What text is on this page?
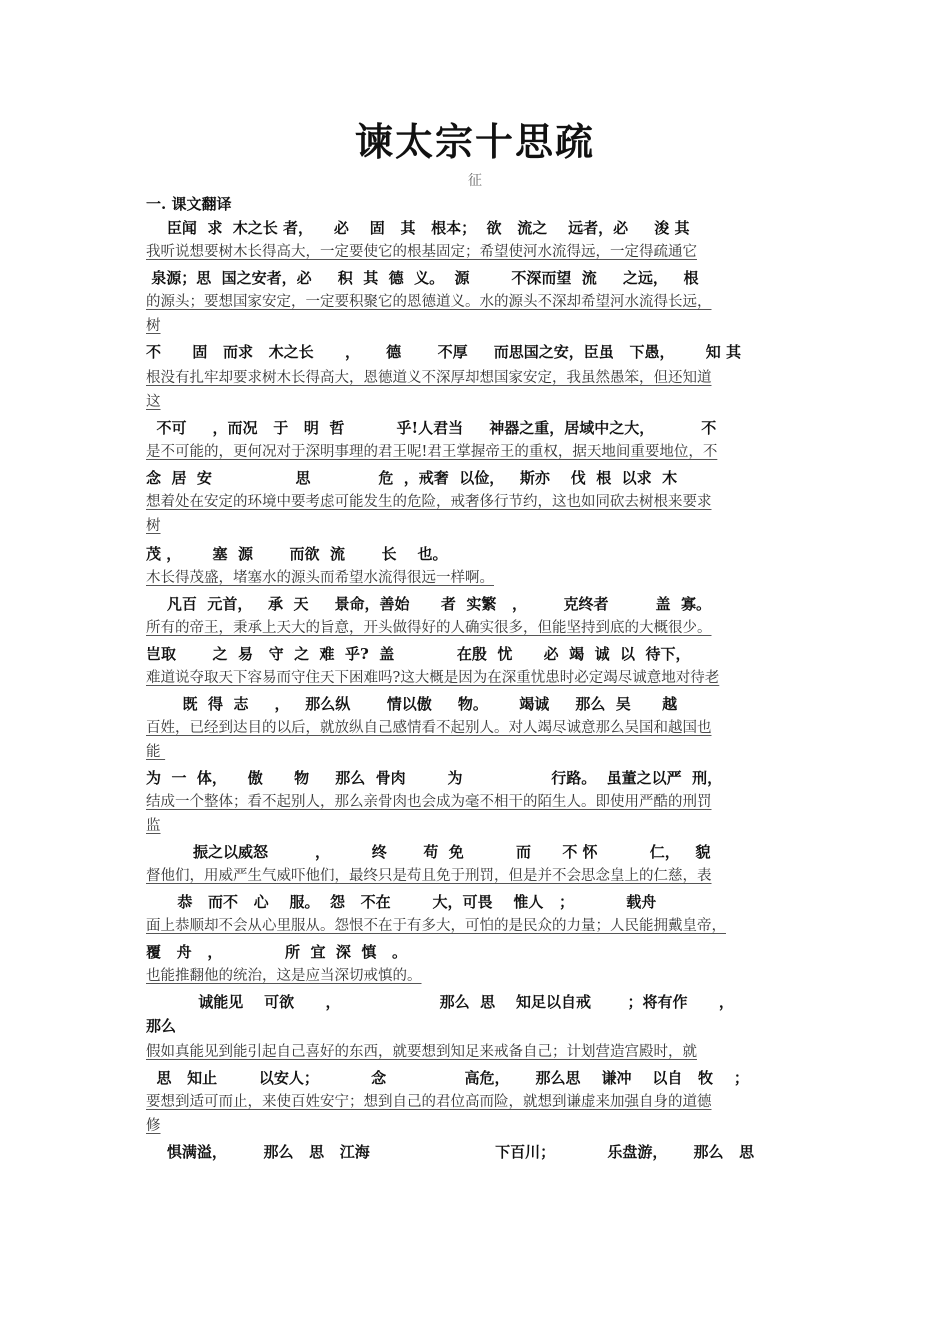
谏太宗十思疏
征
一. 课文翻译
臣闻  求  木之长 者，    必    固   其   根本；  欲   流之    远者，必     浚 其
我听说想要树木长得高大，一定要使它的根基固定；希望使河水流得远，一定得疏通它
泉源；思  国之安者，必     积  其  德  义。  源        不深而望  流     之远，   根
的源头；要想国家安定，一定要积聚它的恩德道义。水的源头不深却希望河水流得长远，
树
不      固   而求   木之长      ，     德       不厚     而思国之安，臣虽   下愚，      知 其
根没有扎牢却要求树木长得高大，恩德道义不深厚却想国家安定，我虽然愚笨，但还知道
这
不可     ，而况   于   明  哲          乎!人君当     神器之重，居域中之大，         不
是不可能的，更何况对于深明事理的君王呢!君王掌握帝王的重权，据天地间重要地位，不
念  居  安                思             危  ，戒奢  以俭，   斯亦    伐  根  以求  木
想着处在安定的环境中要考虑可能发生的危险，戒奢侈行节约，这也如同砍去树根来要求
树
茂 ，      塞  源       而欲  流       长    也。
木长得茂盛，堵塞水的源头而希望水流得很远一样啊。
凡百  元首，   承  天     景命，善始      者  实繁   ，       克终者         盖  寡。
所有的帝王，秉承上天大的旨意，开头做得好的人确实很多，但能坚持到底的大概很少。
岂取       之  易   守  之  难  乎?  盖            在殷  忧      必  竭  诚  以  待下，
难道说夺取天下容易而守住天下困难吗?这大概是因为在深重忧患时必定竭尽诚意地对待老
既  得  志     ，   那么纵       情以傲     物。      竭诚     那么  吴      越
百姓，已经到达目的以后，就放纵自己感情看不起别人。对人竭尽诚意那么吴国和越国也
能
为  一  体，    傲      物     那么  骨肉        为                 行路。  虽董之以严  刑，
结成一个整体；看不起别人，那么亲骨肉也会成为毫不相干的陌生人。即使用严酷的刑罚
监
振之以威怒         ，        终       苟  免          而      不 怀          仁，   貌
督他们，用威严生气威吓他们，最终只是苟且免于刑罚，但是并不会思念皇上的仁慈，表
恭   而不   心    服。  怨   不在        大，可畏    惟人   ；          载舟
面上恭顺却不会从心里服从。怨恨不在于有多大，可怕的是民众的力量；人民能拥戴皇帝，
覆   舟   ，            所  宜  深  慎   。
也能推翻他的统治，这是应当深切戒慎的。
诚能见    可欲      ，                   那么  思    知足以自戒       ；将有作      ，
那么
假如真能见到能引起自己喜好的东西，就要想到知足来戒备自己；计划营造宫殿时，就
思   知止        以安人；          念               高危，     那么思    谦冲    以自   牧    ；
要想到适可而止，来使百姓安宁；想到自己的君位高而险，就想到谦虚来加强自身的道德
修
惧满溢，       那么   思   江海                        下百川；          乐盘游，     那么   思
